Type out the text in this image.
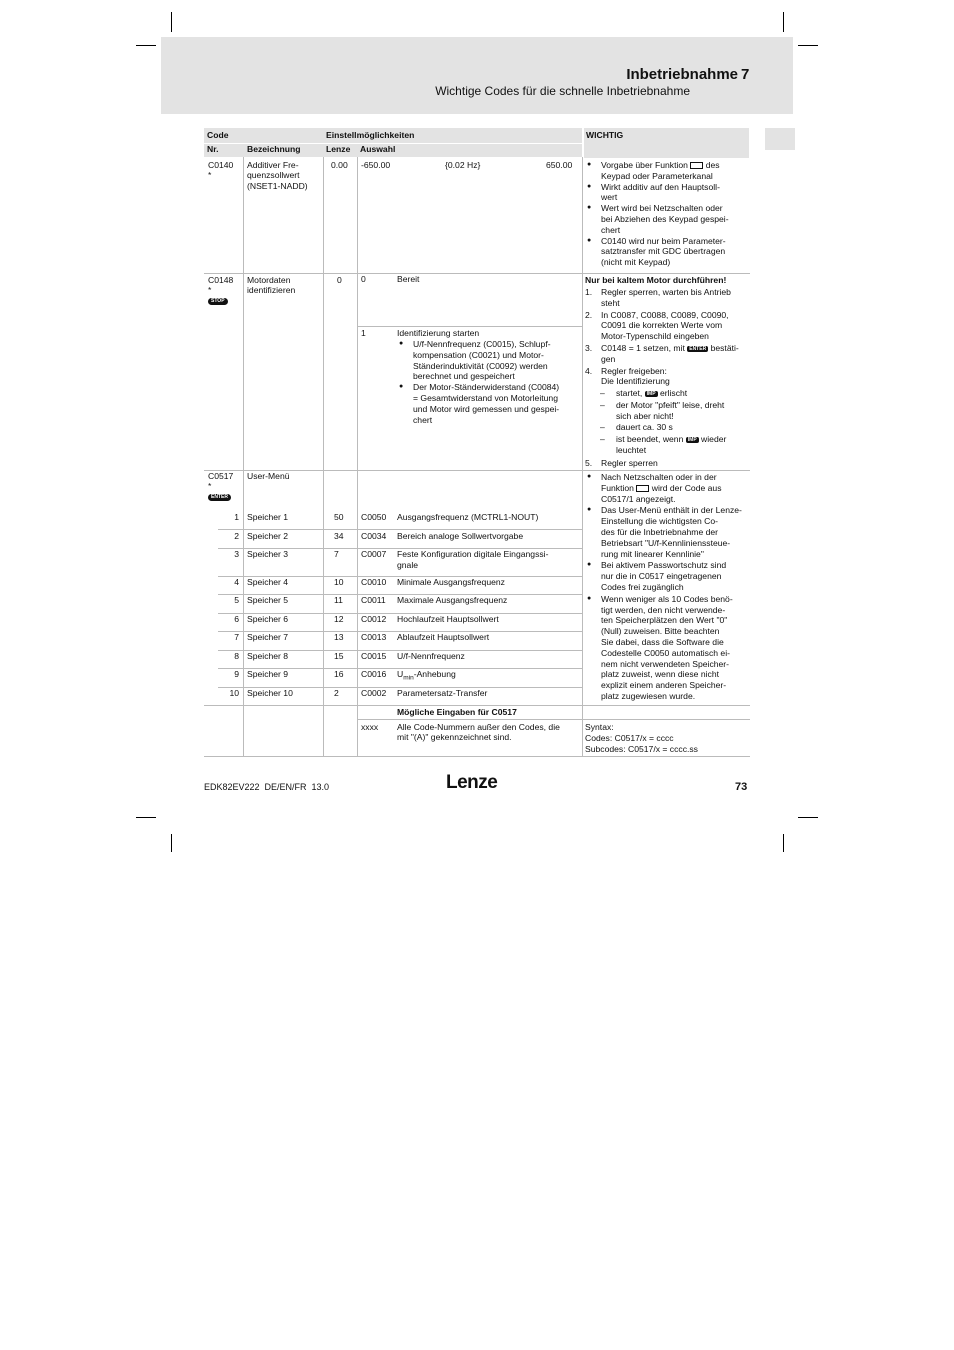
Inbetriebnahme 7
Wichtige Codes für die schnelle Inbetriebnahme
Code	Einstellmöglichkeiten	WICHTIG
Nr.	Bezeichnung	Lenze Auswahl
C0140
*
Additiver Fre-
quenzsollwert
(NSET1-NADD)
0.00 -650.00	{0.02 Hz}	650.00
●	Vorgabe über Funktion des
Keypad oder Parameterkanal
● Wirkt additiv auf den Hauptsoll-
wert
● Wert wird bei Netzschalten oder
bei Abziehen des Keypad gespei-
chert
● C0140 wird nur beim Parameter-
satztransfer mit GDC übertragen
(nicht mit Keypad)
C0148
*
STOP
Motordaten
identifizieren
0 0	Bereit
1	Identifizierung starten
● U/f-Nennfrequenz (C0015), Schlupf-
kompensation (C0021) und Motor-
Ständerinduktivität (C0092) werden
berechnet und gespeichert
● Der Motor-Ständerwiderstand (C0084)
= Gesamtwiderstand von Motorleitung
und Motor wird gemessen und gespei-
chert
Nur bei kaltem Motor durchführen!
1. Regler sperren, warten bis Antrieb
steht
2. In C0087, C0088, C0089, C0090,
C0091 die korrekten Werte vom
Motor-Typenschild eingeben
3. C0148 = 1 setzen, mit ENTER bestäti-
gen
4. Regler freigeben:
Die Identifizierung
– startet, IMP erlischt
– der Motor "pfeift" leise, dreht
sich aber nicht!
– dauert ca. 30 s
– ist beendet, wenn IMP wieder
leuchtet
5. Regler sperren
C0517
*
ENTER
User-Menü
1 Speicher 1	50 C0050 Ausgangsfrequenz (MCTRL1-NOUT)
2 Speicher 2	34 C0034 Bereich analoge Sollwertvorgabe
3 Speicher 3	7	C0007 Feste Konfiguration digitale Eingangssi-
gnale
4 Speicher 4	10 C0010 Minimale Ausgangsfrequenz
5 Speicher 5	11 C0011 Maximale Ausgangsfrequenz
6 Speicher 6	12 C0012 Hochlaufzeit Hauptsollwert
7 Speicher 7	13 C0013 Ablaufzeit Hauptsollwert
8 Speicher 8	15 C0015 U/f-Nennfrequenz
9 Speicher 9	16 C0016 $U_{min}$-Anhebung
10 Speicher 10	2	C0002 Parametersatz-Transfer
● Nach Netzschalten oder in der
Funktion wird der Code aus
C0517/1 angezeigt.
● Das User-Menü enthält in der Lenze-
Einstellung die wichtigsten Co-
des für die Inbetriebnahme der
Betriebsart "U/f-Kennlinienssteue-
rung mit linearer Kennlinie"
● Bei aktivem Passwortschutz sind
nur die in C0517 eingetragenen
Codes frei zugänglich
● Wenn weniger als 10 Codes benö-
tigt werden, den nicht verwende-
ten Speicherplätzen den Wert "0"
(Null) zuweisen. Bitte beachten
Sie dabei, dass die Software die
Codestelle C0050 automatisch ei-
nem nicht verwendeten Speicher-
platz zuweist, wenn diese nicht
explizit einem anderen Speicher-
platz zugewiesen wurde.
Mögliche Eingaben für C0517
xxxx Alle Code-Nummern außer den Codes, die
mit "(A)" gekennzeichnet sind.
Syntax:
Codes: C0517/x = cccc
Subcodes: C0517/x = cccc.ss
EDK82EV222  DE/EN/FR  13.0	Lenze	73
